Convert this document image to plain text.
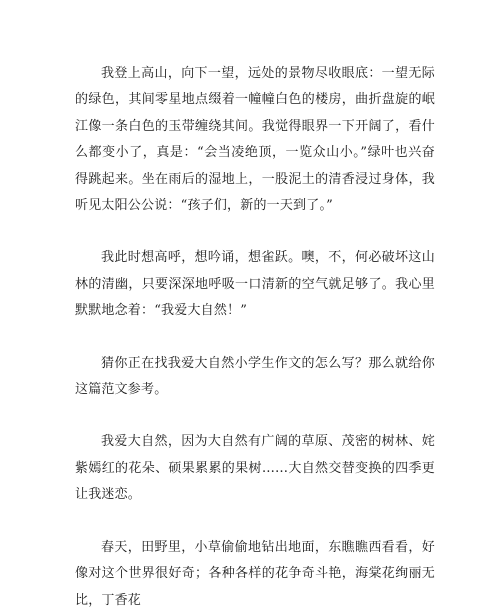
我登上高山，向下一望，远处的景物尽收眼底：一望无际的绿色，其间零星地点缀着一幢幢白色的楼房，曲折盘旋的岷江像一条白色的玉带缠绕其间。我觉得眼界一下开阔了，看什么都变小了，真是：“会当凌绝顶，一览众山小。”绿叶也兴奋得跳起来。坐在雨后的湿地上，一股泥土的清香浸过身体，我听见太阳公公说：“孩子们，新的一天到了。”

我此时想高呼，想吟诵，想雀跃。噢，不，何必破坏这山林的清幽，只要深深地呼吸一口清新的空气就足够了。我心里默默地念着：“我爱大自然！”

猜你正在找我爱大自然小学生作文的怎么写？那么就给你这篇范文参考。

我爱大自然，因为大自然有广阔的草原、茂密的树林、姹紫嫣红的花朵、硕果累累的果树……大自然交替变换的四季更让我迷恋。

春天，田野里，小草偷偷地钻出地面，东瞧瞧西看看，好像对这个世界很好奇；各种各样的花争奇斗艳，海棠花绚丽无比，丁香花
